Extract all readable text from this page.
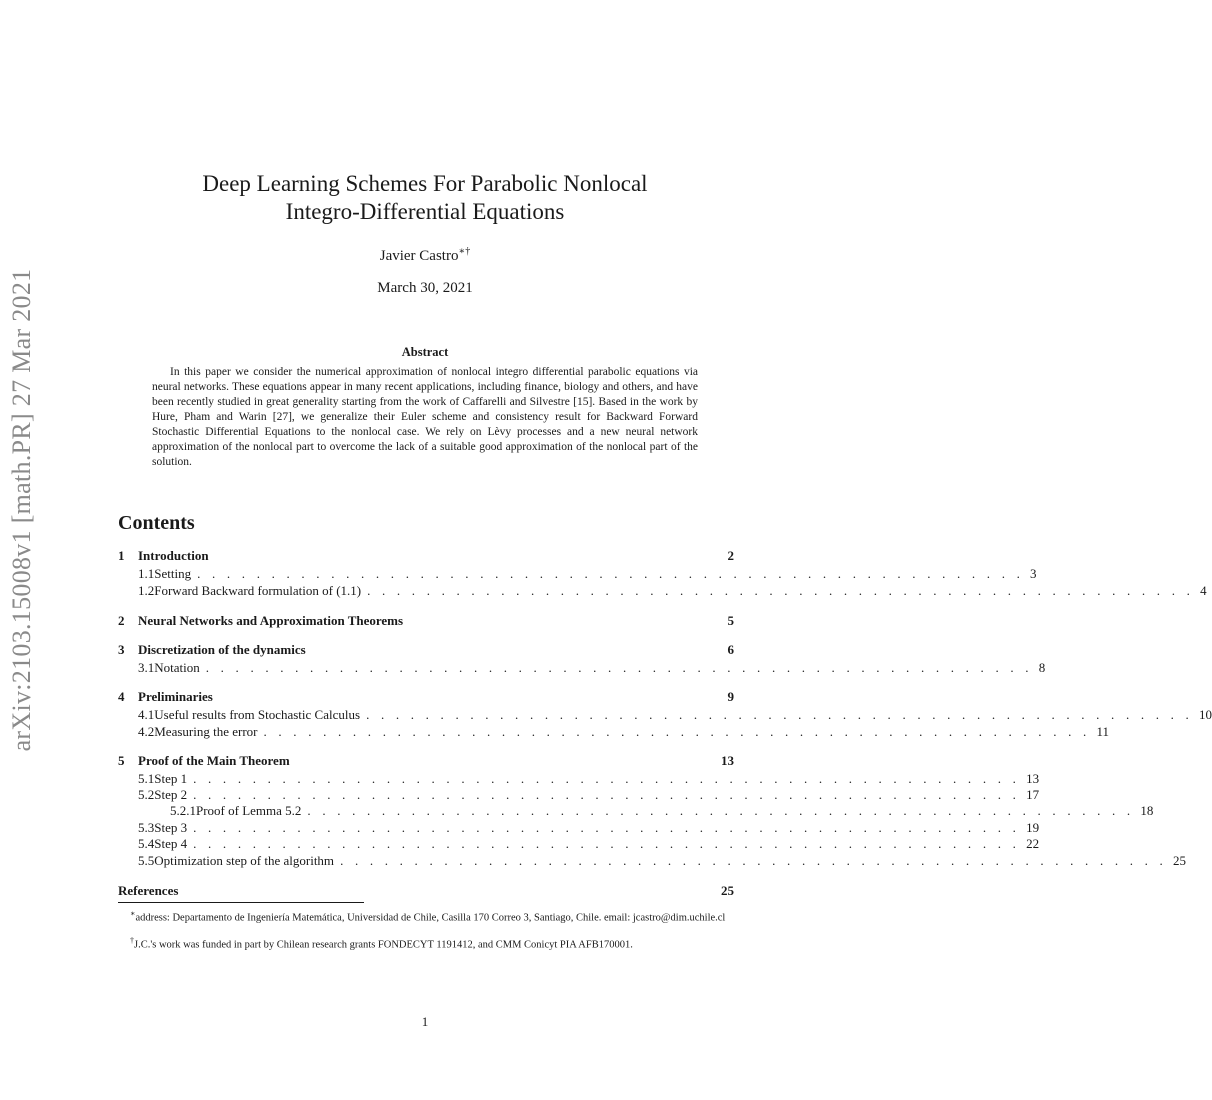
arXiv:2103.15008v1 [math.PR] 27 Mar 2021
Deep Learning Schemes For Parabolic Nonlocal
Integro-Differential Equations
Javier Castro∗†
March 30, 2021
Abstract
In this paper we consider the numerical approximation of nonlocal integro differential parabolic equations via neural networks. These equations appear in many recent applications, including finance, biology and others, and have been recently studied in great generality starting from the work of Caffarelli and Silvestre [15]. Based in the work by Hure, Pham and Warin [27], we generalize their Euler scheme and consistency result for Backward Forward Stochastic Differential Equations to the nonlocal case. We rely on Lèvy processes and a new neural network approximation of the nonlocal part to overcome the lack of a suitable good approximation of the nonlocal part of the solution.
Contents
1	Introduction	2
1.1 Setting . . . . . . . . . . . . . . . . . . . . . . . . . . . . . . . . . . . . . . . . . . . . . . . . . . . . . . . . 3
1.2 Forward Backward formulation of (1.1) . . . . . . . . . . . . . . . . . . . . . . . . . . . . . . . . . . . . . . . . . . . . . . . . . . . . . . . . 4
2	Neural Networks and Approximation Theorems	5
3	Discretization of the dynamics	6
3.1 Notation . . . . . . . . . . . . . . . . . . . . . . . . . . . . . . . . . . . . . . . . . . . . . . . . . . . . . . . . 8
4	Preliminaries	9
4.1 Useful results from Stochastic Calculus . . . . . . . . . . . . . . . . . . . . . . . . . . . . . . . . . . . . . . . . . . . . . . . . . . . . . . . . 10
4.2 Measuring the error . . . . . . . . . . . . . . . . . . . . . . . . . . . . . . . . . . . . . . . . . . . . . . . . . . . . . . . . 11
5	Proof of the Main Theorem	13
5.1 Step 1 . . . . . . . . . . . . . . . . . . . . . . . . . . . . . . . . . . . . . . . . . . . . . . . . . . . . . . . . 13
5.2 Step 2 . . . . . . . . . . . . . . . . . . . . . . . . . . . . . . . . . . . . . . . . . . . . . . . . . . . . . . . . 17
5.2.1 Proof of Lemma 5.2 . . . . . . . . . . . . . . . . . . . . . . . . . . . . . . . . . . . . . . . . . . . . . . . . . . . . . . . . 18
5.3 Step 3 . . . . . . . . . . . . . . . . . . . . . . . . . . . . . . . . . . . . . . . . . . . . . . . . . . . . . . . . 19
5.4 Step 4 . . . . . . . . . . . . . . . . . . . . . . . . . . . . . . . . . . . . . . . . . . . . . . . . . . . . . . . . 22
5.5 Optimization step of the algorithm . . . . . . . . . . . . . . . . . . . . . . . . . . . . . . . . . . . . . . . . . . . . . . . . . . . . . . . . 25
References	25
∗address: Departamento de Ingeniería Matemática, Universidad de Chile, Casilla 170 Correo 3, Santiago, Chile. email: jcastro@dim.uchile.cl
†J.C.'s work was funded in part by Chilean research grants FONDECYT 1191412, and CMM Conicyt PIA AFB170001.
1
